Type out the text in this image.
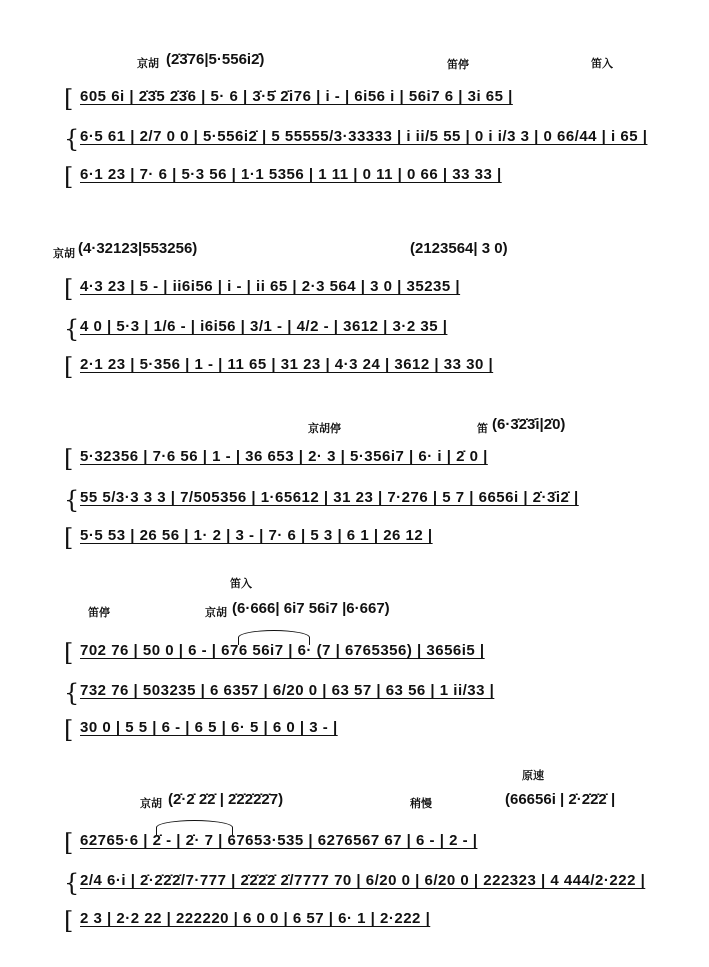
京胡 (2̇3̇76|5·556i2̇)	笛停	笛入
[ 605 6i | 2̇3̇5 2̇3̇6 | 5· 6 | 3̇·5̇ 2̇i76 | i - | 6i56 i | 56i7 6 | 3i 65 |
{ 6·5 61 | 2/7 0 0 | 5·556i2̇ | 5 55555/3·33333 | i ii/5 55 | 0 i i/3 3 | 0 66/44 | i 65 |
[ 6·1 23 | 7· 6 | 5·3 56 | 1·1 5356 | 1 11 | 0 11 | 0 66 | 33 33 |
京胡 (4·32123|553256)	(2123564| 3 0)
[ 4·3 23 | 5 - | ii6i56 | i - | ii 65 | 2·3 564 | 3 0 | 35235 |
{ 4 0 | 5·3 | 1/6 - | i6i56 | 3/1 - | 4/2 - | 3612 | 3·2 35 |
[ 2·1 23 | 5·356 | 1 - | 11 65 | 31 23 | 4·3 24 | 3612 | 33 30 |
京胡停	笛 (6·3̇2̇3̇i|2̇0)
[ 5·32356 | 7·6 56 | 1 - | 36 653 | 2· 3 | 5·356i7 | 6· i | 2̇ 0 |
{ 55 5/3·3 3 3 | 7/505356 | 1·65612 | 31 23 | 7·276 | 5 7 | 6656i | 2̇·3̇i2̇ |
[ 5·5 53 | 26 56 | 1· 2 | 3 - | 7· 6 | 5 3 | 6 1 | 26 12 |
笛入
笛停	京胡 (6·666| 6i7 56i7 |6·667)
[ 702 76 | 50 0 | 6 - | 676 56i7 | 6· (7 | 6765356) | 3656i5 |
{ 732 76 | 503235 | 6 6357 | 6/20 0 | 63 57 | 63 56 | 1 ii/33 |
[ 30 0 | 5 5 | 6 - | 6 5 | 6· 5 | 6 0 | 3 - |
原速
京胡 (2̇·2̇ 2̇2̇ | 2̇2̇2̇2̇2̇7)	稍慢	(66656i | 2̇·2̇2̇2̇ |
[ 62765·6 | 2̇ - | 2̇· 7 | 67653·535 | 6276567 67 | 6 - | 2 - |
{ 2/4 6·i | 2̇·2̇2̇2̇/7·777 | 2̇2̇2̇2̇ 2̇/7777 70 | 6/20 0 | 6/20 0 | 222323 | 4 444/2·222 |
[ 2 3 | 2·2 22 | 222220 | 6 0 0 | 6 57 | 6· 1 | 2·222 |
